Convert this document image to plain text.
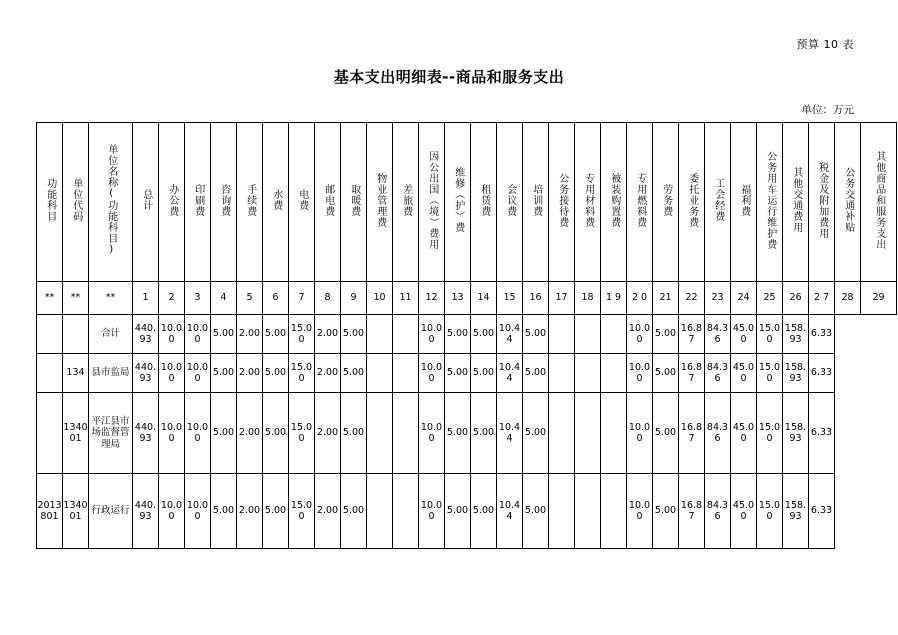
预算 10 表
基本支出明细表--商品和服务支出
单位：万元
功能科目	单位代码	单位名称(功能科目)	总计	办公费	印刷费	咨询费	手续费	水费	电费	邮电费	取暖费	物业管理费	差旅费	因公出国（境）费用	维修（护）费	租赁费	会议费	培训费	公务接待费	专用材料费	被装购置费	专用燃料费	劳务费	委托业务费	工会经费	福利费	公务用车运行维护费	其他交通费用	税金及附加费用	公务交通补贴	其他商品和服务支出
**	**	**	1	2	3	4	5	6	7	8	9	10	11	12	13	14	15	16	17	18	1 9	2 0	21	22	23	24	25	26	2 7	28	29
		合计	440.93	10.00	10.00	5.00	2.00	5.00	15.00	2.00	5.00			10.00	5.00	5.00	10.44	5.00				10.00	5.00	16.87	84.36	45.00	15.00	158.93	6.33		
	134	县市监局	440.93	10.00	10.00	5.00	2.00	5.00	15.00	2.00	5.00			10.00	5.00	5.00	10.44	5.00				10.00	5.00	16.87	84.36	45.00	15.00	158.93	6.33		
	134001	平江县市场监督管理局	440.93	10.00	10.00	5.00	2.00	5.00	15.00	2.00	5.00			10.00	5.00	5.00	10.44	5.00				10.00	5.00	16.87	84.36	45.00	15.00	158.93	6.33		
2013801	134001	行政运行	440.93	10.00	10.00	5.00	2.00	5.00	15.00	2.00	5.00			10.00	5.00	5.00	10.44	5.00				10.00	5.00	16.87	84.36	45.00	15.00	158.93	6.33		
